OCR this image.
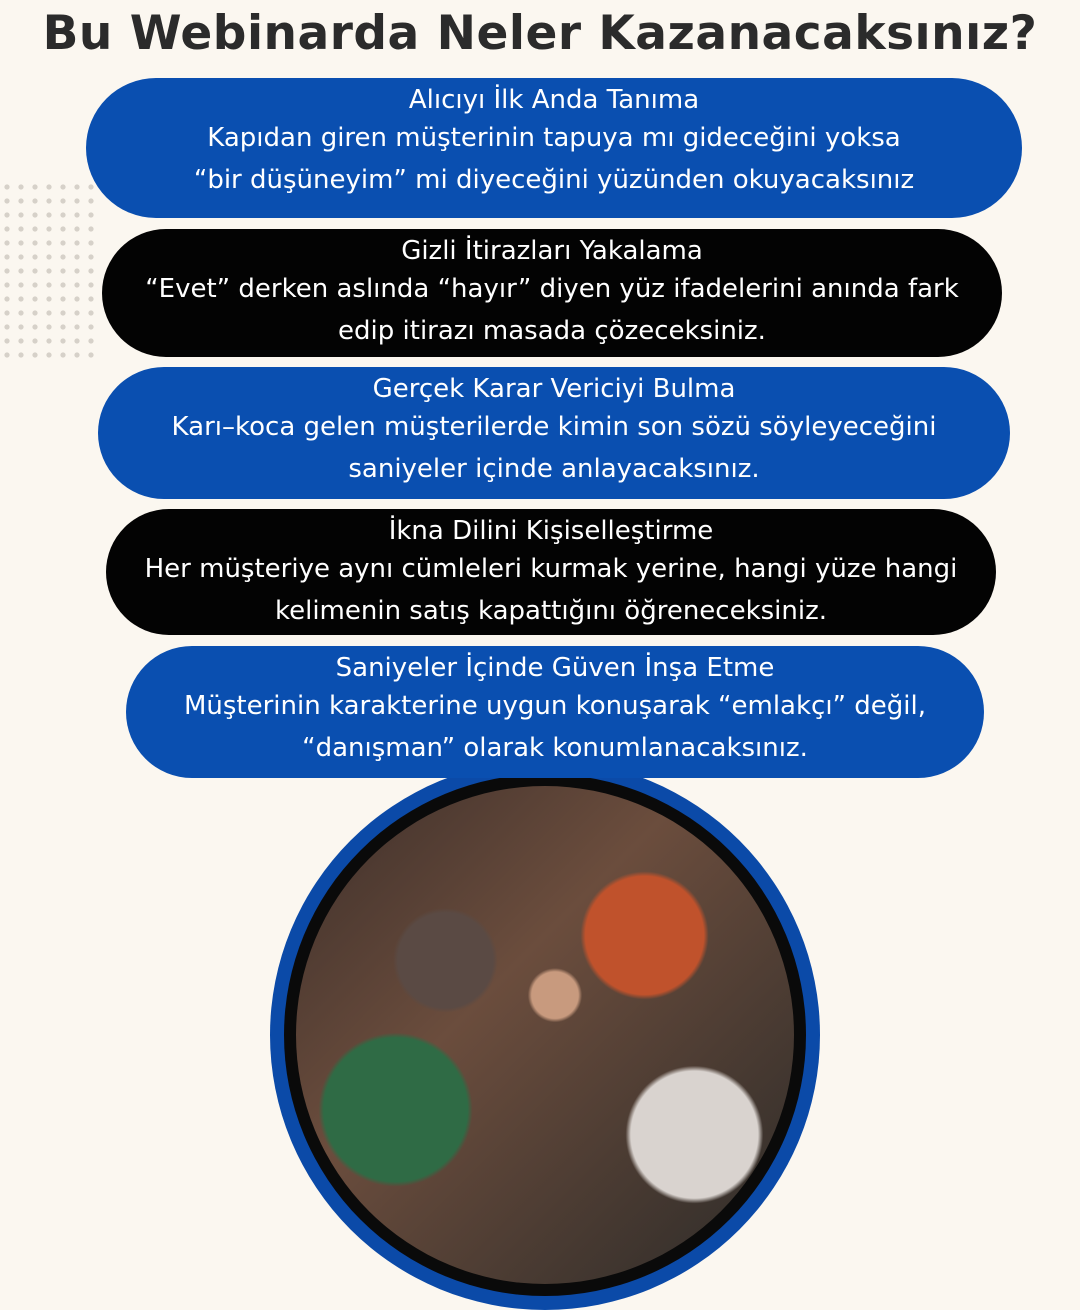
Bu Webinarda Neler Kazanacaksınız?
Alıcıyı İlk Anda Tanıma
Kapıdan giren müşterinin tapuya mı gideceğini yoksa
“bir düşüneyim” mi diyeceğini yüzünden okuyacaksınız
Gizli İtirazları Yakalama
“Evet” derken aslında “hayır” diyen yüz ifadelerini anında fark
edip itirazı masada çözeceksiniz.
Gerçek Karar Vericiyi Bulma
Karı–koca gelen müşterilerde kimin son sözü söyleyeceğini
saniyeler içinde anlayacaksınız.
İkna Dilini Kişiselleştirme
Her müşteriye aynı cümleleri kurmak yerine, hangi yüze hangi
kelimenin satış kapattığını öğreneceksiniz.
Saniyeler İçinde Güven İnşa Etme
Müşterinin karakterine uygun konuşarak “emlakçı” değil,
“danışman” olarak konumlanacaksınız.
